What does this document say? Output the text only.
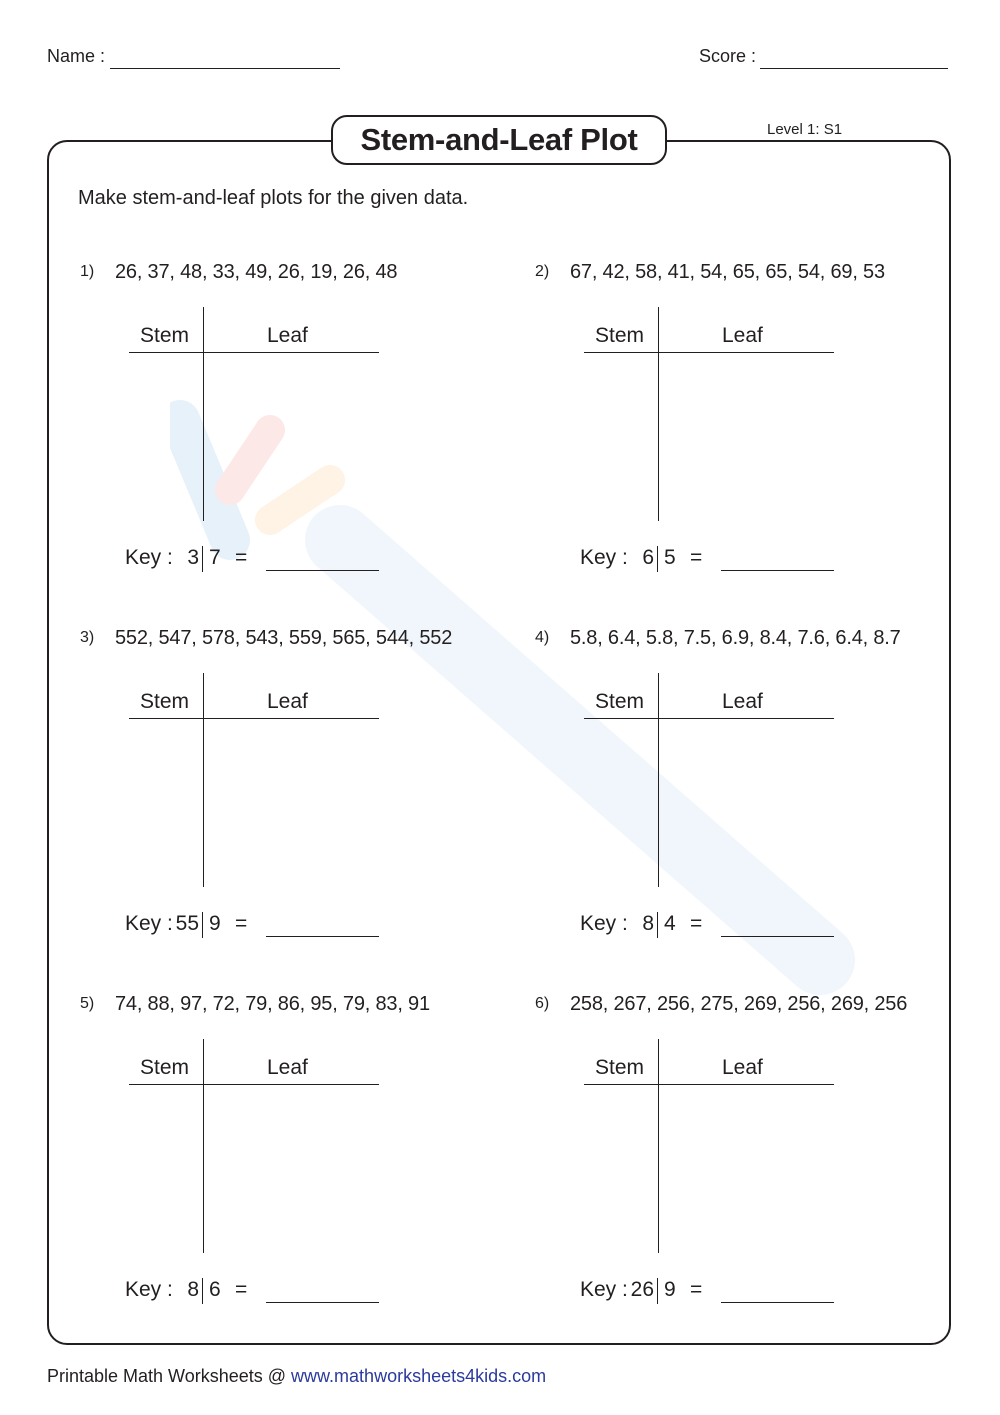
Name :	Score :
Stem-and-Leaf Plot	Level 1: S1
Make stem-and-leaf plots for the given data.
1) 26, 37, 48, 33, 49, 26, 19, 26, 48
Stem	Leaf
Key : 3 7 =
2) 67, 42, 58, 41, 54, 65, 65, 54, 69, 53
Stem	Leaf
Key : 6 5 =
3) 552, 547, 578, 543, 559, 565, 544, 552
Stem	Leaf
Key : 55 9 =
4) 5.8, 6.4, 5.8, 7.5, 6.9, 8.4, 7.6, 6.4, 8.7
Stem	Leaf
Key : 8 4 =
5) 74, 88, 97, 72, 79, 86, 95, 79, 83, 91
Stem	Leaf
Key : 8 6 =
6) 258, 267, 256, 275, 269, 256, 269, 256
Stem	Leaf
Key : 26 9 =
Printable Math Worksheets @ www.mathworksheets4kids.com
